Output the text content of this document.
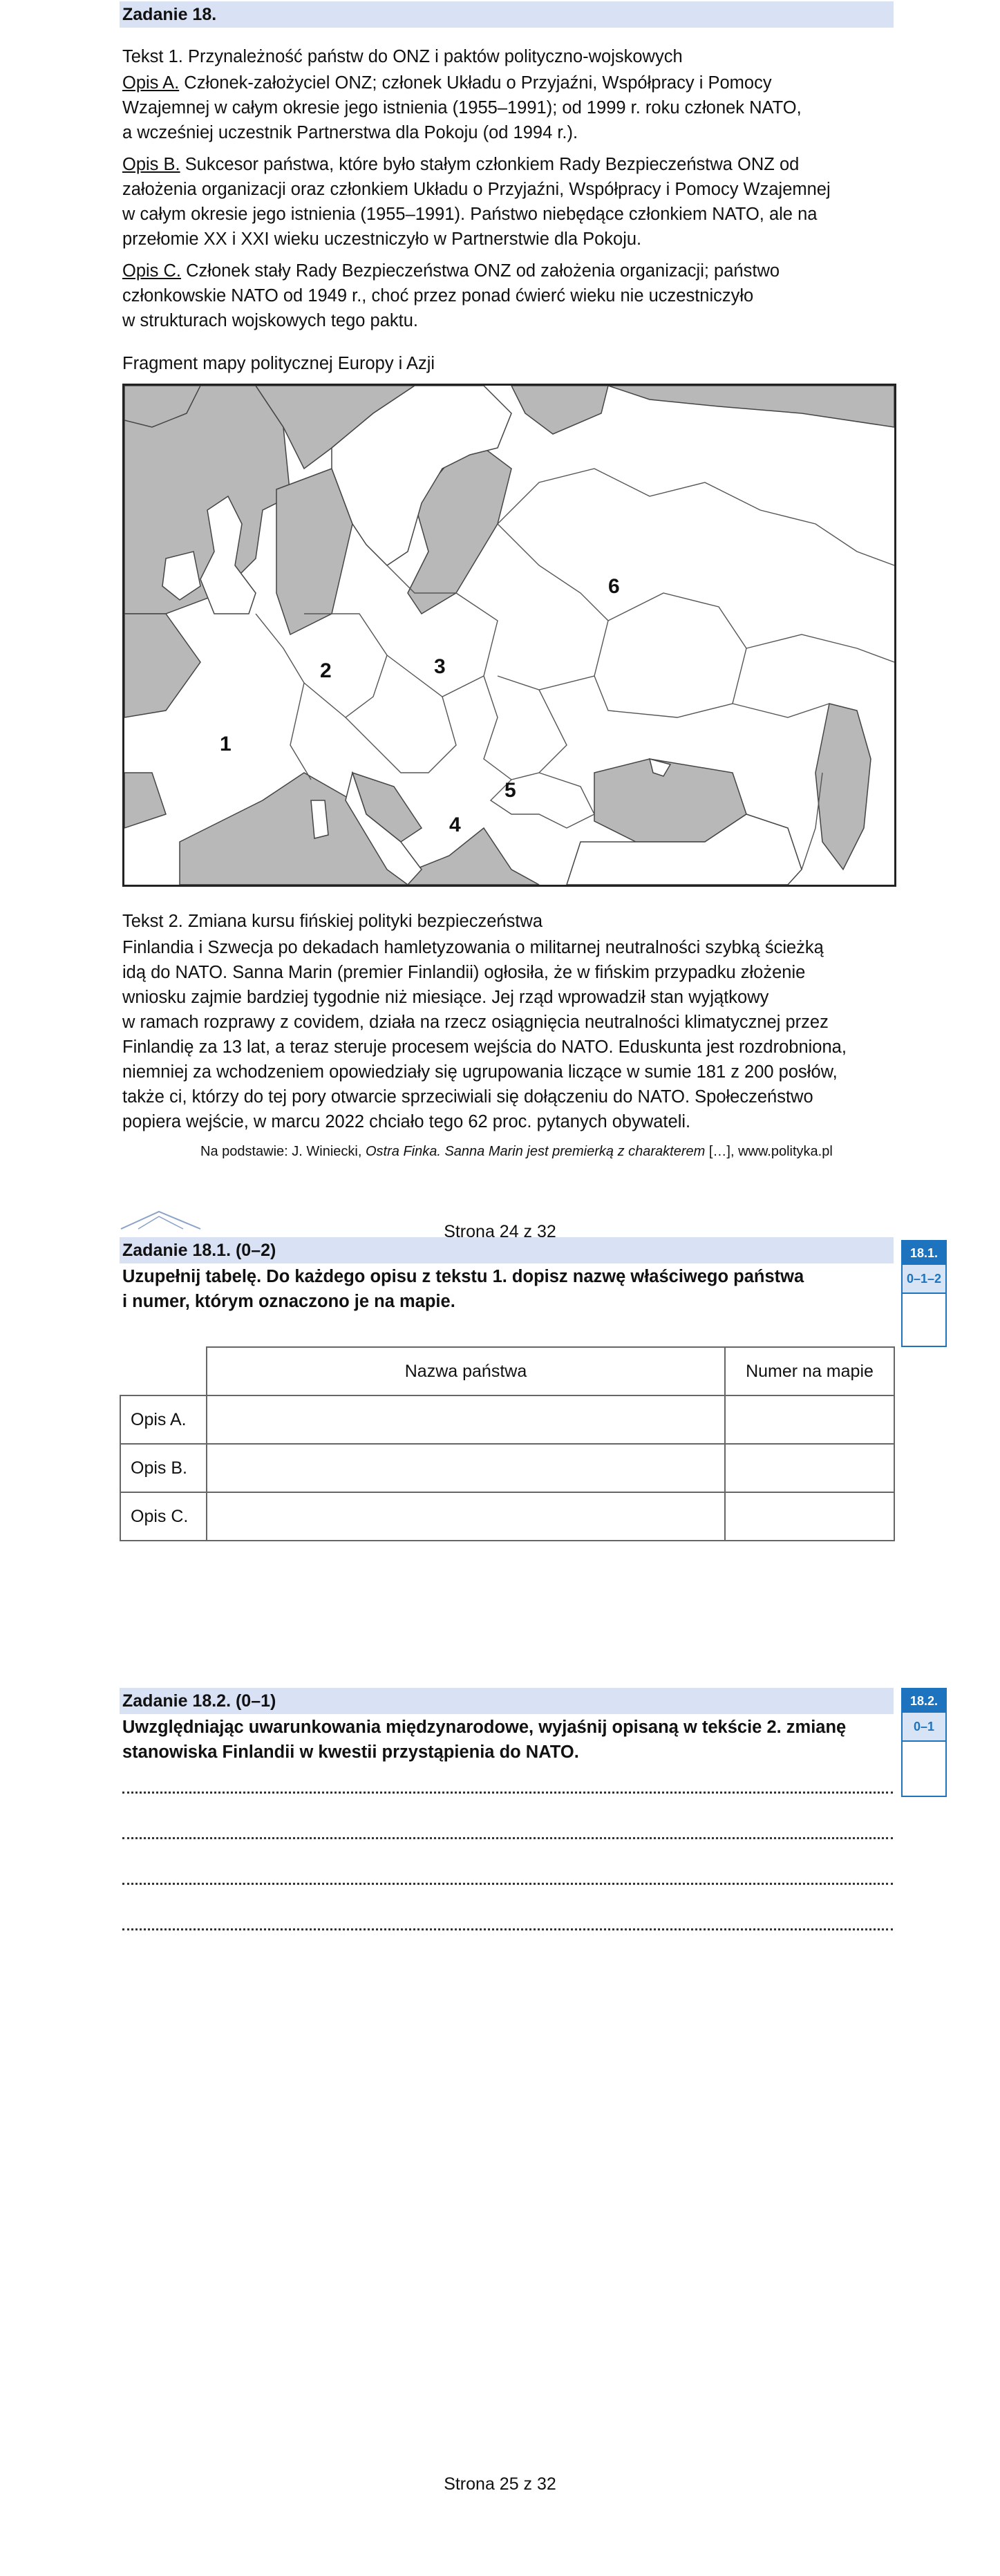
Zadanie 18.
Tekst 1. Przynależność państw do ONZ i paktów polityczno-wojskowych
Opis A. Członek-założyciel ONZ; członek Układu o Przyjaźni, Współpracy i Pomocy
Wzajemnej w całym okresie jego istnienia (1955–1991); od 1999 r. roku członek NATO,
a wcześniej uczestnik Partnerstwa dla Pokoju (od 1994 r.).
Opis B. Sukcesor państwa, które było stałym członkiem Rady Bezpieczeństwa ONZ od
założenia organizacji oraz członkiem Układu o Przyjaźni, Współpracy i Pomocy Wzajemnej
w całym okresie jego istnienia (1955–1991). Państwo niebędące członkiem NATO, ale na
przełomie XX i XXI wieku uczestniczyło w Partnerstwie dla Pokoju.
Opis C. Członek stały Rady Bezpieczeństwa ONZ od założenia organizacji; państwo
członkowskie NATO od 1949 r., choć przez ponad ćwierć wieku nie uczestniczyło
w strukturach wojskowych tego paktu.
Fragment mapy politycznej Europy i Azji
1
2	3
4
5
6
Tekst 2. Zmiana kursu fińskiej polityki bezpieczeństwa
Finlandia i Szwecja po dekadach hamletyzowania o militarnej neutralności szybką ścieżką
idą do NATO. Sanna Marin (premier Finlandii) ogłosiła, że w fińskim przypadku złożenie
wniosku zajmie bardziej tygodnie niż miesiące. Jej rząd wprowadził stan wyjątkowy
w ramach rozprawy z covidem, działa na rzecz osiągnięcia neutralności klimatycznej przez
Finlandię za 13 lat, a teraz steruje procesem wejścia do NATO. Eduskunta jest rozdrobniona,
niemniej za wchodzeniem opowiedziały się ugrupowania liczące w sumie 181 z 200 posłów,
także ci, którzy do tej pory otwarcie sprzeciwiali się dołączeniu do NATO. Społeczeństwo
popiera wejście, w marcu 2022 chciało tego 62 proc. pytanych obywateli.
Na podstawie: J. Winiecki, Ostra Finka. Sanna Marin jest premierką z charakterem […], www.polityka.pl
Strona 24 z 32
Zadanie 18.1. (0–2)
Uzupełnij tabelę. Do każdego opisu z tekstu 1. dopisz nazwę właściwego państwa
i numer, którym oznaczono je na mapie.
18.1.
0–1–2
	Nazwa państwa	Numer na mapie
Opis A.		
Opis B.		
Opis C.		
Zadanie 18.2. (0–1)
Uwzględniając uwarunkowania międzynarodowe, wyjaśnij opisaną w tekście 2. zmianę
stanowiska Finlandii w kwestii przystąpienia do NATO.
18.2.
0–1
Strona 25 z 32
